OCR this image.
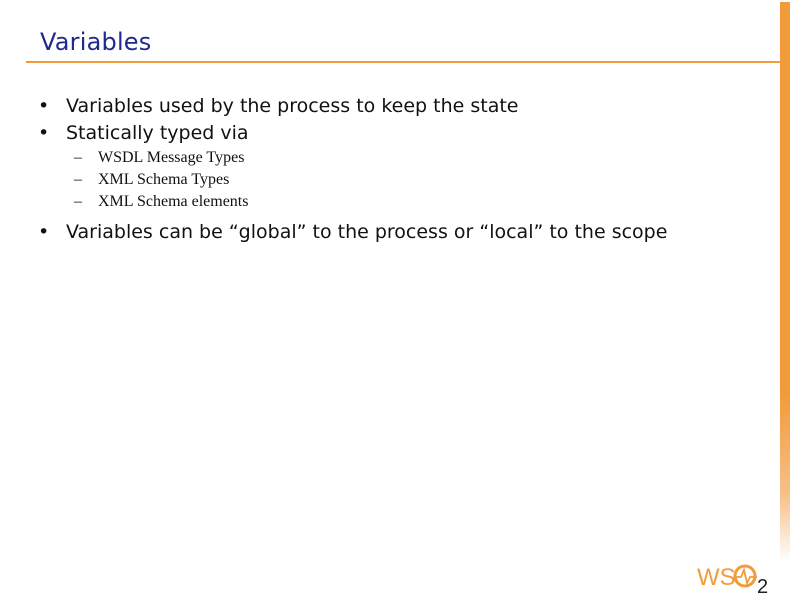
Variables
• Variables used by the process to keep the state
• Statically typed via
–	WSDL Message Types
–	XML Schema Types
–	XML Schema elements
• Variables can be “global” to the process or “local” to the scope
WS 2
